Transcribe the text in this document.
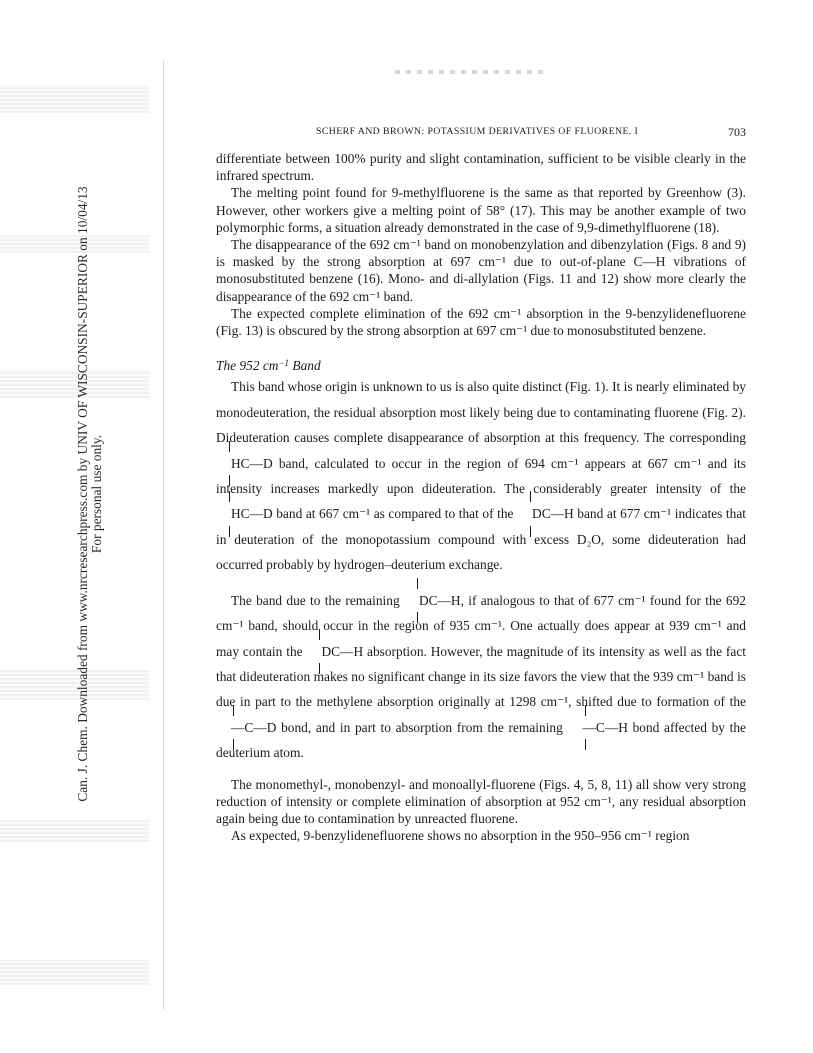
Can. J. Chem. Downloaded from www.nrcresearchpress.com by UNIV OF WISCONSIN-SUPERIOR on 10/04/13 For personal use only.
SCHERF AND BROWN: POTASSIUM DERIVATIVES OF FLUORENE. I	703

differentiate between 100% purity and slight contamination, sufficient to be visible clearly in the infrared spectrum.

The melting point found for 9-methylfluorene is the same as that reported by Greenhow (3). However, other workers give a melting point of 58° (17). This may be another example of two polymorphic forms, a situation already demonstrated in the case of 9,9-dimethylfluorene (18).

The disappearance of the 692 cm⁻¹ band on monobenzylation and dibenzylation (Figs. 8 and 9) is masked by the strong absorption at 697 cm⁻¹ due to out-of-plane C—H vibrations of monosubstituted benzene (16). Mono- and di-allylation (Figs. 11 and 12) show more clearly the disappearance of the 692 cm⁻¹ band.

The expected complete elimination of the 692 cm⁻¹ absorption in the 9-benzylidenefluorene (Fig. 13) is obscured by the strong absorption at 697 cm⁻¹ due to monosubstituted benzene.

The 952 $cm^{-1}$ Band

This band whose origin is unknown to us is also quite distinct (Fig. 1). It is nearly eliminated by monodeuteration, the residual absorption most likely being due to contaminating fluorene (Fig. 2). Dideuteration causes complete disappearance of absorption at this frequency. The corresponding
HC—D band, calculated to occur in the region of 694 cm⁻¹ appears at 667 cm⁻¹ and its intensity increases markedly upon dideuteration. The considerably greater intensity of the
HC—D band at 667 cm⁻¹ as compared to that of the
DC—H band at 677 cm⁻¹ indicates that in deuteration of the monopotassium compound with excess D₂O, some dideuteration had occurred probably by hydrogen–deuterium exchange.

The band due to the remaining
DC—H, if analogous to that of 677 cm⁻¹ found for the 692 cm⁻¹ band, should occur in the region of 935 cm⁻¹. One actually does appear at 939 cm⁻¹ and may contain the
DC—H absorption. However, the magnitude of its intensity as well as the fact that dideuteration makes no significant change in its size favors the view that the 939 cm⁻¹ band is due in part to the methylene absorption originally at 1298 cm⁻¹, shifted due to formation of the
—C—D bond, and in part to absorption from the remaining
—C—H bond affected by the deuterium atom.

The monomethyl-, monobenzyl- and monoallyl-fluorene (Figs. 4, 5, 8, 11) all show very strong reduction of intensity or complete elimination of absorption at 952 cm⁻¹, any residual absorption again being due to contamination by unreacted fluorene.

As expected, 9-benzylidenefluorene shows no absorption in the 950–956 cm⁻¹ region
